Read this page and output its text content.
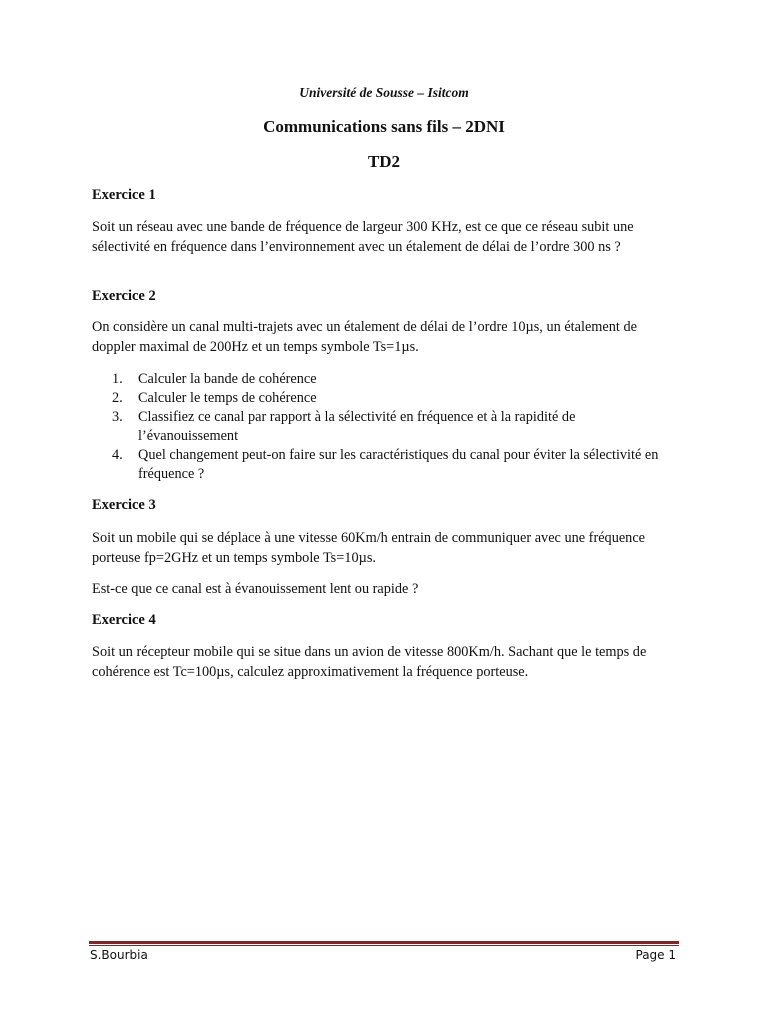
Université de Sousse – Isitcom
Communications sans fils – 2DNI
TD2
Exercice 1
Soit un réseau avec une bande de fréquence de largeur 300 KHz, est ce que ce réseau subit une sélectivité en fréquence dans l’environnement avec un étalement de délai de l’ordre 300 ns ?
Exercice 2
On considère un canal multi-trajets avec un étalement de délai de l’ordre 10µs, un étalement de doppler maximal de 200Hz et un temps symbole Ts=1µs.
1. Calculer la bande de cohérence
2. Calculer le temps de cohérence
3. Classifiez ce canal par rapport à la sélectivité en fréquence et à la rapidité de l’évanouissement
4. Quel changement peut-on faire sur les caractéristiques du canal pour éviter la sélectivité en fréquence ?
Exercice 3
Soit un mobile qui se déplace à une vitesse 60Km/h entrain de communiquer avec une fréquence porteuse fp=2GHz et un temps symbole Ts=10µs.
Est-ce que ce canal est à évanouissement lent ou rapide ?
Exercice 4
Soit un récepteur mobile qui se situe dans un avion de vitesse 800Km/h. Sachant que le temps de cohérence est Tc=100µs, calculez approximativement la fréquence porteuse.
S.Bourbia	Page 1
